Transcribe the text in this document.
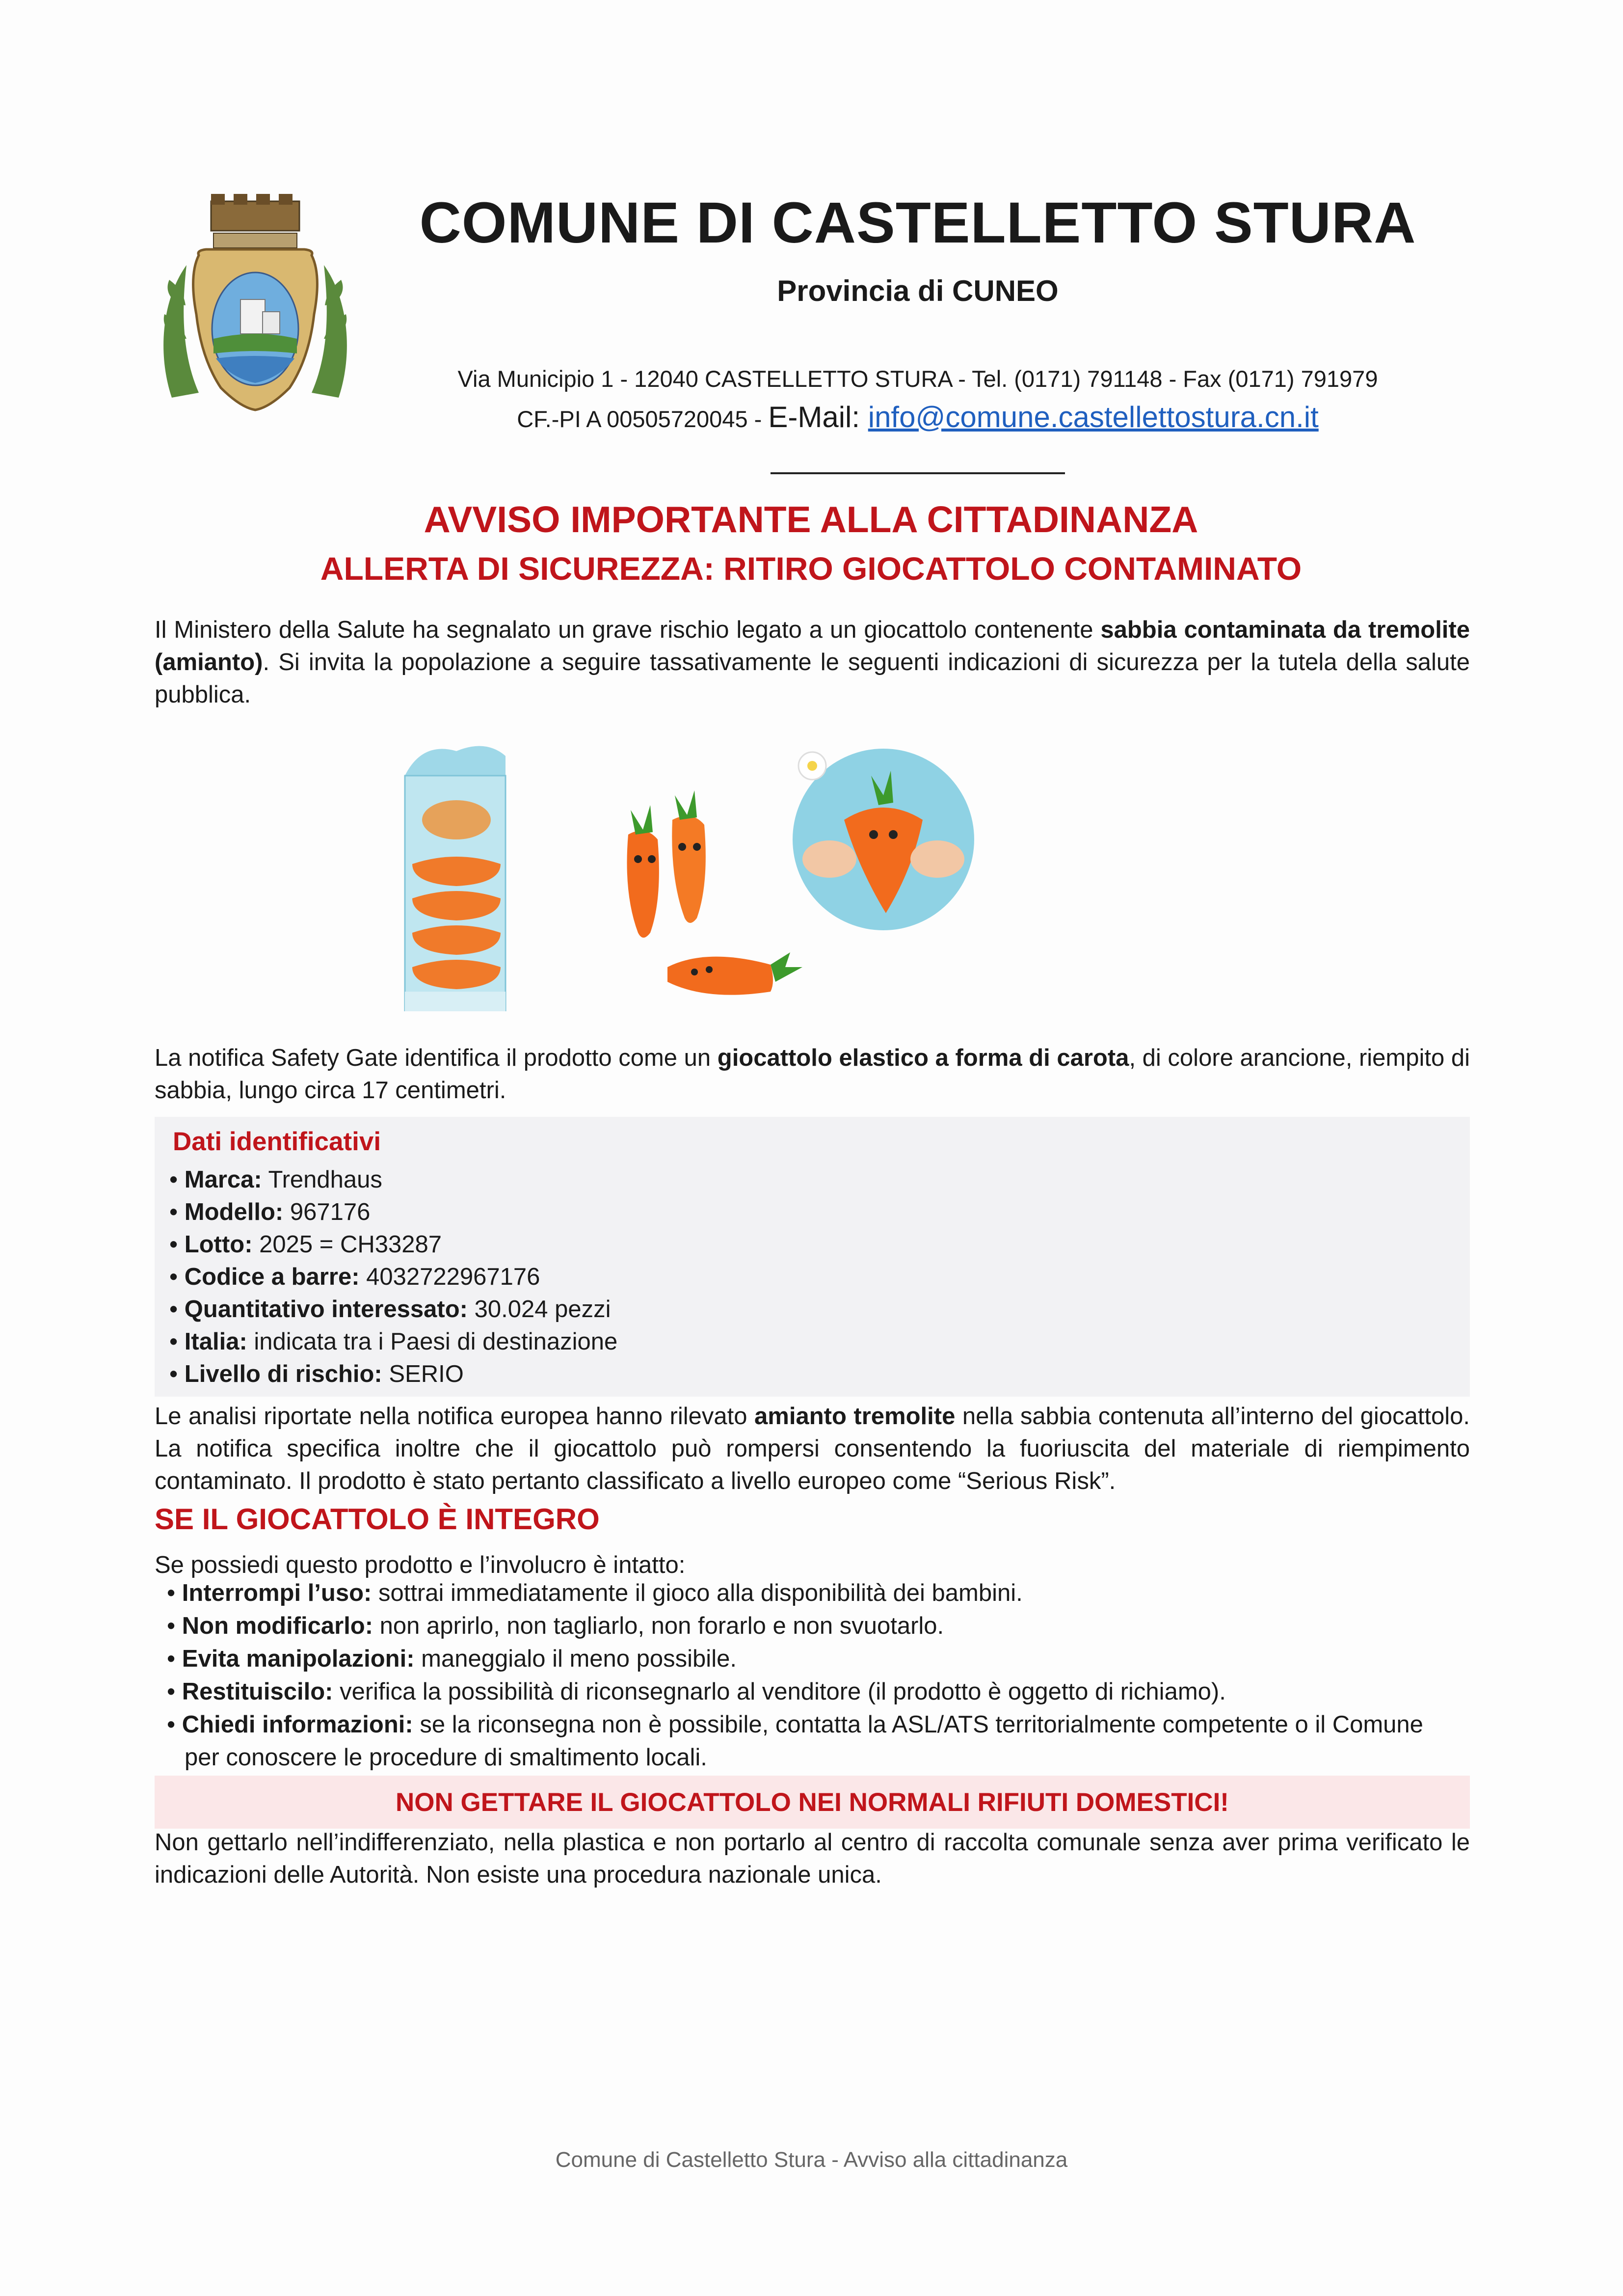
COMUNE DI CASTELLETTO STURA

Provincia di CUNEO

Via Municipio 1 - 12040 CASTELLETTO STURA - Tel. (0171) 791148 - Fax (0171) 791979

CF.-PI A 00505720045 - E-Mail: info@comune.castellettostura.cn.it

AVVISO IMPORTANTE ALLA CITTADINANZA
ALLERTA DI SICUREZZA: RITIRO GIOCATTOLO CONTAMINATO

Il Ministero della Salute ha segnalato un grave rischio legato a un giocattolo contenente sabbia contaminata da tremolite (amianto). Si invita la popolazione a seguire tassativamente le seguenti indicazioni di sicurezza per la tutela della salute pubblica.

La notifica Safety Gate identifica il prodotto come un giocattolo elastico a forma di carota, di colore arancione, riempito di sabbia, lungo circa 17 centimetri.

Dati identificativi

• Marca: Trendhaus
• Modello: 967176
• Lotto: 2025 = CH33287
• Codice a barre: 4032722967176
• Quantitativo interessato: 30.024 pezzi
• Italia: indicata tra i Paesi di destinazione
• Livello di rischio: SERIO

Le analisi riportate nella notifica europea hanno rilevato amianto tremolite nella sabbia contenuta all’interno del giocattolo. La notifica specifica inoltre che il giocattolo può rompersi consentendo la fuoriuscita del materiale di riempimento contaminato. Il prodotto è stato pertanto classificato a livello europeo come “Serious Risk”.

SE IL GIOCATTOLO È INTEGRO

Se possiedi questo prodotto e l’involucro è intatto:

• Interrompi l’uso: sottrai immediatamente il gioco alla disponibilità dei bambini.
• Non modificarlo: non aprirlo, non tagliarlo, non forarlo e non svuotarlo.
• Evita manipolazioni: maneggialo il meno possibile.
• Restituiscilo: verifica la possibilità di riconsegnarlo al venditore (il prodotto è oggetto di richiamo).
• Chiedi informazioni: se la riconsegna non è possibile, contatta la ASL/ATS territorialmente competente o il Comune per conoscere le procedure di smaltimento locali.
NON GETTARE IL GIOCATTOLO NEI NORMALI RIFIUTI DOMESTICI!

Non gettarlo nell’indifferenziato, nella plastica e non portarlo al centro di raccolta comunale senza aver prima verificato le indicazioni delle Autorità. Non esiste una procedura nazionale unica.

Comune di Castelletto Stura - Avviso alla cittadinanza
